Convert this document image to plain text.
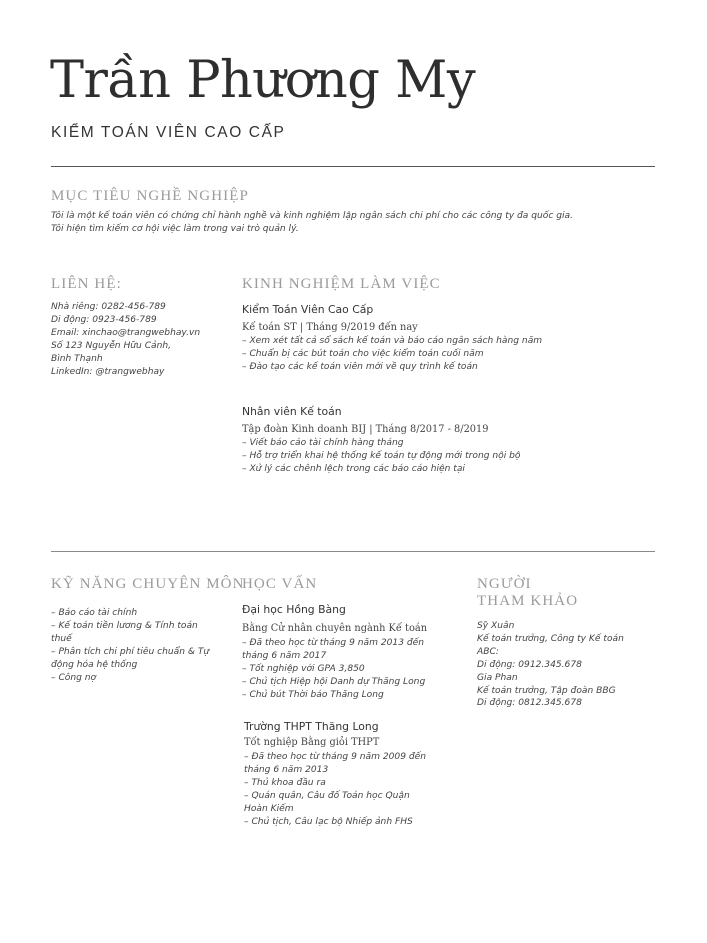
Trần Phương My
KIỂM TOÁN VIÊN CAO CẤP
MỤC TIÊU NGHỀ NGHIỆP
Tôi là một kế toán viên có chứng chỉ hành nghề và kinh nghiệm lập ngân sách chi phí cho các công ty đa quốc gia.
Tôi hiện tìm kiếm cơ hội việc làm trong vai trò quản lý.
LIÊN HỆ:
Nhà riêng: 0282-456-789
Di động: 0923-456-789
Email: xinchao@trangwebhay.vn
Số 123 Nguyễn Hữu Cảnh,
Bình Thạnh
LinkedIn: @trangwebhay
KINH NGHIỆM LÀM VIỆC
Kiểm Toán Viên Cao Cấp
Kế toán ST | Tháng 9/2019 đến nay
– Xem xét tất cả sổ sách kế toán và báo cáo ngân sách hàng năm
– Chuẩn bị các bút toán cho việc kiểm toán cuối năm
– Đào tạo các kế toán viên mới về quy trình kế toán
Nhân viên Kế toán
Tập đoàn Kinh doanh BIJ | Tháng 8/2017 - 8/2019
– Viết báo cáo tài chính hàng tháng
– Hỗ trợ triển khai hệ thống kế toán tự động mới trong nội bộ
– Xử lý các chênh lệch trong các báo cáo hiện tại
KỸ NĂNG CHUYÊN MÔN
– Báo cáo tài chính
– Kế toán tiền lương & Tính toán
thuế
– Phân tích chi phí tiêu chuẩn & Tự
động hóa hệ thống
– Công nợ
HỌC VẤN
Đại học Hồng Bàng
Bằng Cử nhân chuyên ngành Kế toán
– Đã theo học từ tháng 9 năm 2013 đến
tháng 6 năm 2017
– Tốt nghiệp với GPA 3,850
– Chủ tịch Hiệp hội Danh dự Thăng Long
– Chủ bút Thời báo Thăng Long
Trường THPT Thăng Long
Tốt nghiệp Bằng giỏi THPT
– Đã theo học từ tháng 9 năm 2009 đến
tháng 6 năm 2013
– Thủ khoa đầu ra
– Quán quân, Câu đố Toán học Quận
Hoàn Kiếm
– Chủ tịch, Câu lạc bộ Nhiếp ảnh FHS
NGƯỜI
THAM KHẢO
Sỹ Xuân
Kế toán trưởng, Công ty Kế toán
ABC:
Di động: 0912.345.678
Gia Phan
Kế toán trưởng, Tập đoàn BBG
Di động: 0812.345.678
